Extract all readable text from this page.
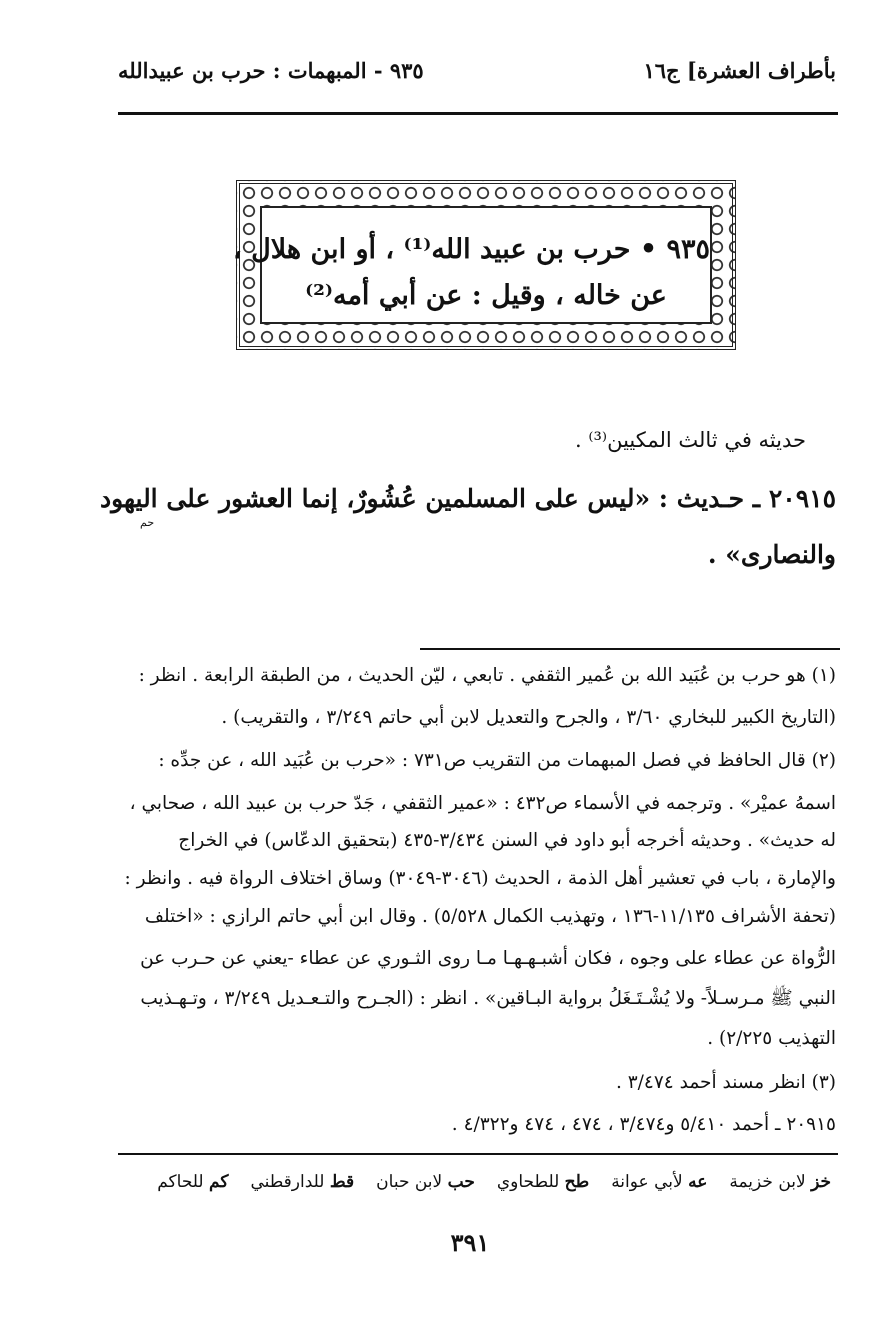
بأطراف العشرة] ج١٦
٩٣٥ - المبهمات : حرب بن عبيدالله
٩٣٥ • حرب بن عبيد الله⁽¹⁾ ، أو ابن هلال ،
عن خاله ، وقيل : عن أبي أمه⁽²⁾
حديثه في ثالث المكيين⁽³⁾ .
٢٠٩١٥ ـ حـديث : «ليس على المسلمين عُشُورٌ، إنما العشور على اليهود
حم
والنصارى» .
(١) هو حرب بن عُبَيد الله بن عُمير الثقفي . تابعي ، ليّن الحديث ، من الطبقة الرابعة . انظر :
(التاريخ الكبير للبخاري ٣/٦٠ ، والجرح والتعديل لابن أبي حاتم ٣/٢٤٩ ، والتقريب) .
(٢) قال الحافظ في فصل المبهمات من التقريب ص٧٣١ : «حرب بن عُبَيد الله ، عن جدِّه :
اسمهُ عميْر» . وترجمه في الأسماء ص٤٣٢ : «عمير الثقفي ، جَدّ حرب بن عبيد الله ، صحابي ،
له حديث» . وحديثه أخرجه أبو داود في السنن ٣/٤٣٤-٤٣٥ (بتحقيق الدعّاس) في الخراج
والإمارة ، باب في تعشير أهل الذمة ، الحديث (٣٠٤٦-٣٠٤٩) وساق اختلاف الرواة فيه . وانظر :
(تحفة الأشراف ١١/١٣٥-١٣٦ ، وتهذيب الكمال ٥/٥٢٨) . وقال ابن أبي حاتم الرازي : «اختلف
الرُّواة عن عطاء على وجوه ، فكان أشبـهـهـا مـا روى الثـوري عن عطاء -يعني عن حـرب عن
النبي ﷺ مـرسـلاً- ولا يُشْـتَـغَلُ برواية البـاقين» . انظر : (الجـرح والتـعـديل ٣/٢٤٩ ، وتـهـذيب
التهذيب ٢/٢٢٥) .
(٣) انظر مسند أحمد ٣/٤٧٤ .
٢٠٩١٥ ـ أحمد ٥/٤١٠ و٣/٤٧٤ ، ٤٧٤ ، ٤٧٤ و٤/٣٢٢ .
خز لابن خزيمة
عه لأبي عوانة
طح للطحاوي
حب لابن حبان
قط للدارقطني
كم للحاكم
٣٩١
